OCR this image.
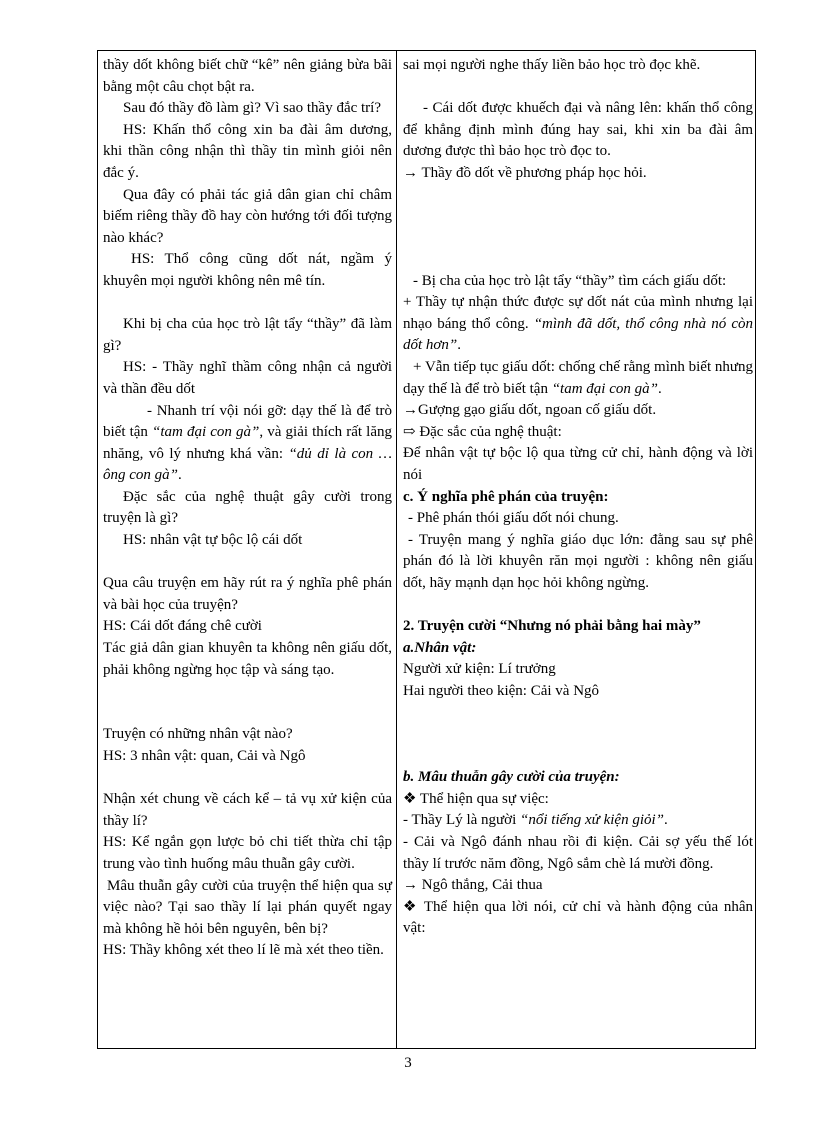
thầy dốt không biết chữ “kê” nên giảng bừa bãi bằng một câu chọt bật ra.

Sau đó thầy đồ làm gì? Vì sao thầy đắc trí?

HS: Khấn thổ công xin ba đài âm dương, khi thần công nhận thì thầy tin mình giỏi nên đắc ý.

Qua đây có phải tác giả dân gian chỉ châm biếm riêng thầy đồ hay còn hướng tới đối tượng nào khác?

HS: Thổ công cũng dốt nát, ngầm ý khuyên mọi người không nên mê tín.

Khi bị cha của học trò lật tẩy “thầy” đã làm gì?

HS: - Thầy nghĩ thầm công nhận cả người và thần đều dốt

- Nhanh trí vội nói gỡ: dạy thế là để trò biết tận “tam đại con gà”, và giải thích rất lăng nhăng, vô lý nhưng khá vần: “dủ dỉ là con … ông con gà”.

Đặc sắc của nghệ thuật gây cười trong truyện là gì?

HS: nhân vật tự bộc lộ cái dốt

Qua câu truyện em hãy rút ra ý nghĩa phê phán và bài học của truyện?

HS: Cái dốt đáng chê cười

Tác giả dân gian khuyên ta không nên giấu dốt, phải không ngừng học tập và sáng tạo.

Truyện có những nhân vật nào?

HS: 3 nhân vật: quan, Cải và Ngô

Nhận xét chung về cách kể – tả vụ xử kiện của thầy lí?

HS: Kể ngắn gọn lược bỏ chi tiết thừa chỉ tập trung vào tình huống mâu thuẫn gây cười.

Mâu thuẫn gây cười của truyện thể hiện qua sự việc nào? Tại sao thầy lí lại phán quyết ngay mà không hề hỏi bên nguyên, bên bị?

HS: Thầy không xét theo lí lẽ mà xét theo tiền.

sai mọi người nghe thấy liền bảo học trò đọc khẽ.

- Cái dốt được khuếch đại và nâng lên: khấn thổ công để khẳng định mình đúng hay sai, khi xin ba đài âm dương được thì bảo học trò đọc to.

→ Thầy đồ dốt về phương pháp học hỏi.

- Bị cha của học trò lật tẩy “thầy” tìm cách giấu dốt:

+ Thầy tự nhận thức được sự dốt nát của mình nhưng lại nhạo báng thổ công. “mình đã dốt, thổ công nhà nó còn dốt hơn”.

+ Vẫn tiếp tục giấu dốt: chống chế rằng mình biết nhưng dạy thế là để trò biết tận “tam đại con gà”.

→Gượng gạo giấu dốt, ngoan cố giấu dốt.

⇨ Đặc sắc của nghệ thuật:

Để nhân vật tự bộc lộ qua từng cử chỉ, hành động và lời nói

c. Ý nghĩa phê phán của truyện:

- Phê phán thói giấu dốt nói chung.

- Truyện mang ý nghĩa giáo dục lớn: đằng sau sự phê phán đó là lời khuyên răn mọi người : không nên giấu dốt, hãy mạnh dạn học hỏi không ngừng.

2. Truyện cười “Nhưng nó phải bằng hai mày”

a.Nhân vật:

Người xử kiện: Lí trưởng

Hai người theo kiện: Cải và Ngô

b. Mâu thuẫn gây cười của truyện:

❖ Thể hiện qua sự việc:

- Thầy Lý là người “nổi tiếng xử kiện giỏi”.

- Cải và Ngô đánh nhau rồi đi kiện. Cải sợ yếu thế lót thầy lí trước năm đồng, Ngô sắm chè lá mười đồng.

→ Ngô thắng, Cải thua

❖ Thể hiện qua lời nói, cử chỉ và hành động của nhân vật:

3
